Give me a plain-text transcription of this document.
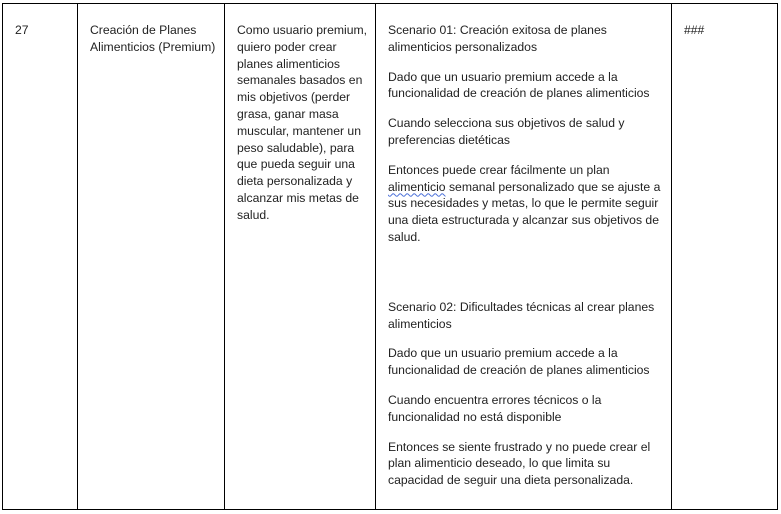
27	Creación de Planes Alimenticios (Premium)
Como usuario premium, quiero poder crear planes alimenticios semanales basados en mis objetivos (perder grasa, ganar masa muscular, mantener un peso saludable), para que pueda seguir una dieta personalizada y alcanzar mis metas de salud.

Scenario 01: Creación exitosa de planes alimenticios personalizados

Dado que un usuario premium accede a la funcionalidad de creación de planes alimenticios

Cuando selecciona sus objetivos de salud y preferencias dietéticas

Entonces puede crear fácilmente un plan alimenticio semanal personalizado que se ajuste a sus necesidades y metas, lo que le permite seguir una dieta estructurada y alcanzar sus objetivos de salud.

Scenario 02: Dificultades técnicas al crear planes alimenticios

Dado que un usuario premium accede a la funcionalidad de creación de planes alimenticios

Cuando encuentra errores técnicos o la funcionalidad no está disponible

Entonces se siente frustrado y no puede crear el plan alimenticio deseado, lo que limita su capacidad de seguir una dieta personalizada.

###
